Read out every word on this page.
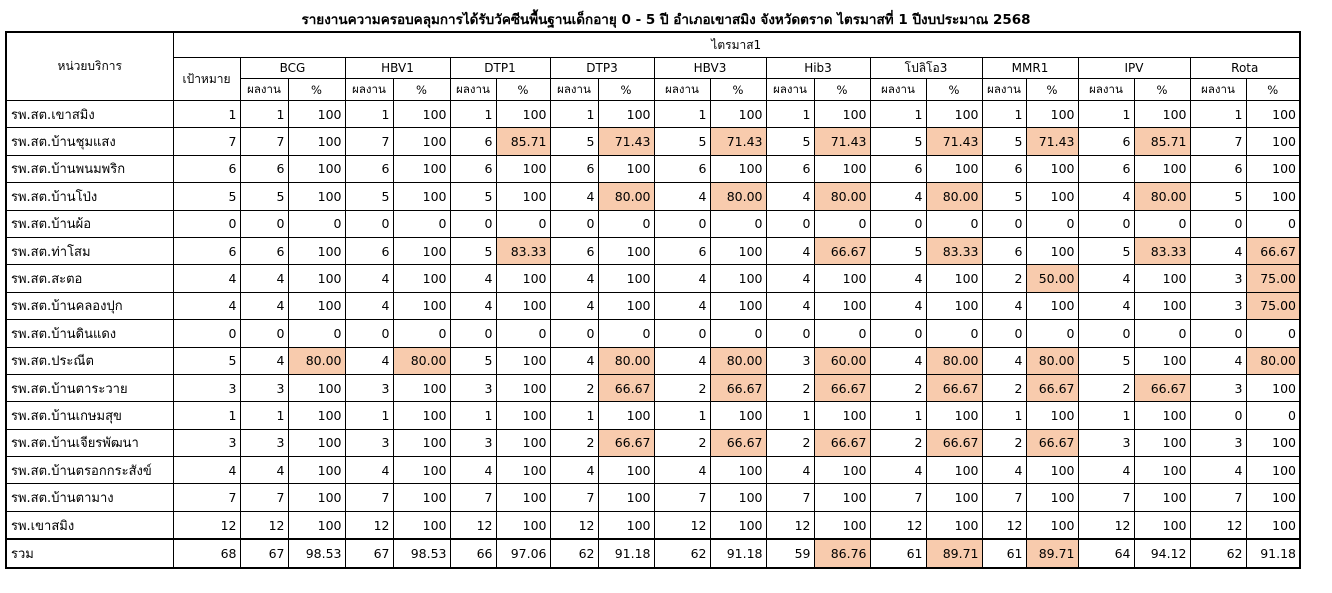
รายงานความครอบคลุมการได้รับวัคซีนพื้นฐานเด็กอายุ 0 - 5 ปี อำเภอเขาสมิง จังหวัดตราด ไตรมาสที่ 1 ปีงบประมาณ 2568
หน่วยบริการ	ไตรมาส1																				
	เป้าหมาย	BCG		HBV1		DTP1		DTP3		HBV3		Hib3		โปลิโอ3		MMR1		IPV		Rota	
		ผลงาน	%	ผลงาน	%	ผลงาน	%	ผลงาน	%	ผลงาน	%	ผลงาน	%	ผลงาน	%	ผลงาน	%	ผลงาน	%	ผลงาน	%
รพ.สต.เขาสมิง	1	1	100	1	100	1	100	1	100	1	100	1	100	1	100	1	100	1	100	1	100
รพ.สต.บ้านชุมแสง	7	7	100	7	100	6	85.71	5	71.43	5	71.43	5	71.43	5	71.43	5	71.43	6	85.71	7	100
รพ.สต.บ้านพนมพริก	6	6	100	6	100	6	100	6	100	6	100	6	100	6	100	6	100	6	100	6	100
รพ.สต.บ้านโป่ง	5	5	100	5	100	5	100	4	80.00	4	80.00	4	80.00	4	80.00	5	100	4	80.00	5	100
รพ.สต.บ้านผ้อ	0	0	0	0	0	0	0	0	0	0	0	0	0	0	0	0	0	0	0	0	0
รพ.สต.ท่าโสม	6	6	100	6	100	5	83.33	6	100	6	100	4	66.67	5	83.33	6	100	5	83.33	4	66.67
รพ.สต.สะตอ	4	4	100	4	100	4	100	4	100	4	100	4	100	4	100	2	50.00	4	100	3	75.00
รพ.สต.บ้านคลองปุก	4	4	100	4	100	4	100	4	100	4	100	4	100	4	100	4	100	4	100	3	75.00
รพ.สต.บ้านดินแดง	0	0	0	0	0	0	0	0	0	0	0	0	0	0	0	0	0	0	0	0	0
รพ.สต.ประณีต	5	4	80.00	4	80.00	5	100	4	80.00	4	80.00	3	60.00	4	80.00	4	80.00	5	100	4	80.00
รพ.สต.บ้านตาระวาย	3	3	100	3	100	3	100	2	66.67	2	66.67	2	66.67	2	66.67	2	66.67	2	66.67	3	100
รพ.สต.บ้านเกษมสุข	1	1	100	1	100	1	100	1	100	1	100	1	100	1	100	1	100	1	100	0	0
รพ.สต.บ้านเจียรพัฒนา	3	3	100	3	100	3	100	2	66.67	2	66.67	2	66.67	2	66.67	2	66.67	3	100	3	100
รพ.สต.บ้านตรอกกระสังข์	4	4	100	4	100	4	100	4	100	4	100	4	100	4	100	4	100	4	100	4	100
รพ.สต.บ้านตามาง	7	7	100	7	100	7	100	7	100	7	100	7	100	7	100	7	100	7	100	7	100
รพ.เขาสมิง	12	12	100	12	100	12	100	12	100	12	100	12	100	12	100	12	100	12	100	12	100
รวม	68	67	98.53	67	98.53	66	97.06	62	91.18	62	91.18	59	86.76	61	89.71	61	89.71	64	94.12	62	91.18
